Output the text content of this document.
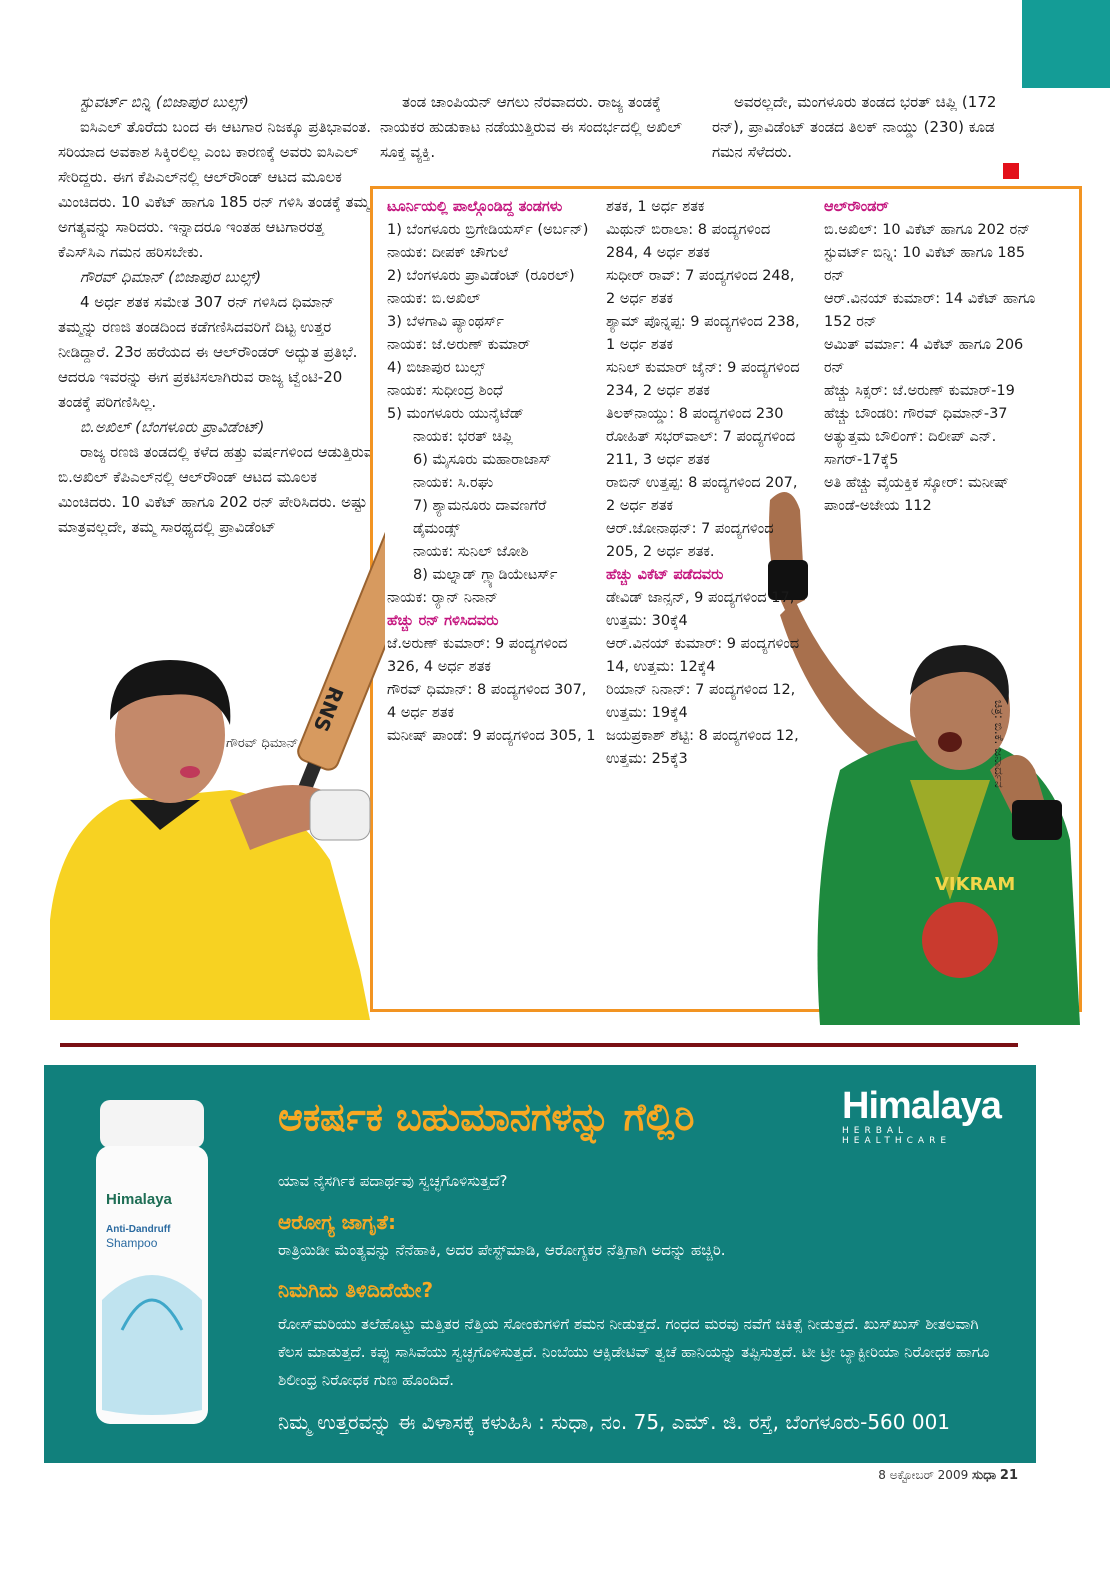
ಸ್ಟುವರ್ಟ್ ಬಿನ್ನಿ (ಬಿಜಾಪುರ ಬುಲ್ಸ್)

ಐಸಿಎಲ್ ತೊರೆದು ಬಂದ ಈ ಆಟಗಾರ ನಿಜಕ್ಕೂ ಪ್ರತಿಭಾವಂತ. ಸರಿಯಾದ ಅವಕಾಶ ಸಿಕ್ಕಿರಲಿಲ್ಲ ಎಂಬ ಕಾರಣಕ್ಕೆ ಅವರು ಐಸಿಎಲ್ ಸೇರಿದ್ದರು. ಈಗ ಕೆಪಿಎಲ್‌ನಲ್ಲಿ ಆಲ್‌ರೌಂಡ್ ಆಟದ ಮೂಲಕ ಮಿಂಚಿದರು. 10 ವಿಕೆಟ್ ಹಾಗೂ 185 ರನ್ ಗಳಿಸಿ ತಂಡಕ್ಕೆ ತಮ್ಮ ಅಗತ್ಯವನ್ನು ಸಾರಿದರು. ಇನ್ನಾದರೂ ಇಂತಹ ಆಟಗಾರರತ್ತ ಕೆಎಸ್‌ಸಿಎ ಗಮನ ಹರಿಸಬೇಕು.

ಗೌರವ್ ಧಿಮಾನ್ (ಬಿಜಾಪುರ ಬುಲ್ಸ್)

4 ಅರ್ಧ ಶತಕ ಸಮೇತ 307 ರನ್ ಗಳಿಸಿದ ಧಿಮಾನ್ ತಮ್ಮನ್ನು ರಣಜಿ ತಂಡದಿಂದ ಕಡೆಗಣಿಸಿದವರಿಗೆ ದಿಟ್ಟ ಉತ್ತರ ನೀಡಿದ್ದಾರೆ. 23ರ ಹರೆಯದ ಈ ಆಲ್‌ರೌಂಡರ್ ಅದ್ಭುತ ಪ್ರತಿಭೆ. ಆದರೂ ಇವರನ್ನು ಈಗ ಪ್ರಕಟಿಸಲಾಗಿರುವ ರಾಜ್ಯ ಟ್ವೆಂಟಿ-20 ತಂಡಕ್ಕೆ ಪರಿಗಣಿಸಿಲ್ಲ.

ಬಿ.ಅಖಿಲ್ (ಬೆಂಗಳೂರು ಪ್ರಾವಿಡೆಂಟ್)

ರಾಜ್ಯ ರಣಜಿ ತಂಡದಲ್ಲಿ ಕಳೆದ ಹತ್ತು ವರ್ಷಗಳಿಂದ ಆಡುತ್ತಿರುವ ಬಿ.ಅಖಿಲ್ ಕೆಪಿಎಲ್‌ನಲ್ಲಿ ಆಲ್‌ರೌಂಡ್ ಆಟದ ಮೂಲಕ ಮಿಂಚಿದರು. 10 ವಿಕೆಟ್ ಹಾಗೂ 202 ರನ್ ಪೇರಿಸಿದರು. ಅಷ್ಟು ಮಾತ್ರವಲ್ಲದೇ, ತಮ್ಮ ಸಾರಥ್ಯದಲ್ಲಿ ಪ್ರಾವಿಡೆಂಟ್

ತಂಡ ಚಾಂಪಿಯನ್ ಆಗಲು ನೆರವಾದರು. ರಾಜ್ಯ ತಂಡಕ್ಕೆ ನಾಯಕರ ಹುಡುಕಾಟ ನಡೆಯುತ್ತಿರುವ ಈ ಸಂದರ್ಭದಲ್ಲಿ ಅಖಿಲ್ ಸೂಕ್ತ ವ್ಯಕ್ತಿ.

ಅವರಲ್ಲದೇ, ಮಂಗಳೂರು ತಂಡದ ಭರತ್ ಚಿಪ್ಲಿ (172 ರನ್), ಪ್ರಾವಿಡೆಂಟ್ ತಂಡದ ತಿಲಕ್ ನಾಯ್ಡು (230) ಕೂಡ ಗಮನ ಸೆಳೆದರು.

RNS
ಗೌರವ್ ಧಿಮಾನ್
VIKRAM
ಚಿತ್ರ: ಬಿ.ಕೆ. ಜನಾರ್ದನ

ಟೂರ್ನಿಯಲ್ಲಿ ಪಾಲ್ಗೊಂಡಿದ್ದ ತಂಡಗಳು

1) ಬೆಂಗಳೂರು ಬ್ರಿಗೇಡಿಯರ್ಸ್ (ಅರ್ಬನ್)

ನಾಯಕ: ದೀಪಕ್ ಚೌಗುಲೆ

2) ಬೆಂಗಳೂರು ಪ್ರಾವಿಡೆಂಟ್ (ರೂರಲ್)

ನಾಯಕ: ಬಿ.ಅಖಿಲ್

3) ಬೆಳಗಾವಿ ಪ್ಯಾಂಥರ್ಸ್

ನಾಯಕ: ಜೆ.ಅರುಣ್ ಕುಮಾರ್

4) ಬಿಜಾಪುರ ಬುಲ್ಸ್

ನಾಯಕ: ಸುಧೀಂದ್ರ ಶಿಂಧೆ

5) ಮಂಗಳೂರು ಯುನೈಟೆಡ್

ನಾಯಕ: ಭರತ್ ಚಿಪ್ಲಿ

6) ಮೈಸೂರು ಮಹಾರಾಜಾಸ್

ನಾಯಕ: ಸಿ.ರಘು

7) ಶ್ಯಾಮನೂರು ದಾವಣಗೆರೆ ಡೈಮಂಡ್ಸ್

ನಾಯಕ: ಸುನಿಲ್ ಜೋಶಿ

8) ಮಲ್ನಾಡ್ ಗ್ಲ್ಯಾಡಿಯೇಟರ್ಸ್

ನಾಯಕ: ರ‍್ಯಾನ್ ನಿನಾನ್

ಹೆಚ್ಚು ರನ್ ಗಳಿಸಿದವರು

ಜೆ.ಅರುಣ್ ಕುಮಾರ್: 9 ಪಂದ್ಯಗಳಿಂದ 326, 4 ಅರ್ಧ ಶತಕ

ಗೌರವ್ ಧಿಮಾನ್: 8 ಪಂದ್ಯಗಳಿಂದ 307, 4 ಅರ್ಧ ಶತಕ

ಮನೀಷ್ ಪಾಂಡೆ: 9 ಪಂದ್ಯಗಳಿಂದ 305, 1

ಶತಕ, 1 ಅರ್ಧ ಶತಕ

ಮಿಥುನ್ ಬಿರಾಲಾ: 8 ಪಂದ್ಯಗಳಿಂದ 284, 4 ಅರ್ಧ ಶತಕ

ಸುಧೀರ್ ರಾವ್: 7 ಪಂದ್ಯಗಳಿಂದ 248, 2 ಅರ್ಧ ಶತಕ

ಶ್ಯಾಮ್ ಪೊನ್ನಪ್ಪ: 9 ಪಂದ್ಯಗಳಿಂದ 238, 1 ಅರ್ಧ ಶತಕ

ಸುನಿಲ್ ಕುಮಾರ್ ಜೈನ್: 9 ಪಂದ್ಯಗಳಿಂದ 234, 2 ಅರ್ಧ ಶತಕ

ತಿಲಕ್‌ನಾಯ್ಡು: 8 ಪಂದ್ಯಗಳಿಂದ 230

ರೋಹಿತ್ ಸಭರ್‌ವಾಲ್: 7 ಪಂದ್ಯಗಳಿಂದ 211, 3 ಅರ್ಧ ಶತಕ

ರಾಬಿನ್ ಉತ್ತಪ್ಪ: 8 ಪಂದ್ಯಗಳಿಂದ 207, 2 ಅರ್ಧ ಶತಕ

ಆರ್.ಜೋನಾಥನ್: 7 ಪಂದ್ಯಗಳಿಂದ 205, 2 ಅರ್ಧ ಶತಕ.

ಹೆಚ್ಚು ವಿಕೆಟ್ ಪಡೆದವರು

ಡೇವಿಡ್ ಜಾನ್ಸನ್, 9 ಪಂದ್ಯಗಳಿಂದ 17, ಉತ್ತಮ: 30ಕ್ಕೆ4

ಆರ್.ವಿನಯ್ ಕುಮಾರ್: 9 ಪಂದ್ಯಗಳಿಂದ 14, ಉತ್ತಮ: 12ಕ್ಕೆ4

ರಿಯಾನ್ ನಿನಾನ್: 7 ಪಂದ್ಯಗಳಿಂದ 12, ಉತ್ತಮ: 19ಕ್ಕೆ4

ಜಯಪ್ರಕಾಶ್ ಶೆಟ್ಟಿ: 8 ಪಂದ್ಯಗಳಿಂದ 12, ಉತ್ತಮ: 25ಕ್ಕೆ3

ಆಲ್‌ರೌಂಡರ್

ಬಿ.ಅಖಿಲ್: 10 ವಿಕೆಟ್ ಹಾಗೂ 202 ರನ್

ಸ್ಟುವರ್ಟ್ ಬಿನ್ನಿ: 10 ವಿಕೆಟ್ ಹಾಗೂ 185 ರನ್

ಆರ್.ವಿನಯ್ ಕುಮಾರ್: 14 ವಿಕೆಟ್ ಹಾಗೂ 152 ರನ್

ಅಮಿತ್ ವರ್ಮಾ: 4 ವಿಕೆಟ್ ಹಾಗೂ 206 ರನ್

ಹೆಚ್ಚು ಸಿಕ್ಸರ್: ಜೆ.ಅರುಣ್ ಕುಮಾರ್-19

ಹೆಚ್ಚು ಬೌಂಡರಿ: ಗೌರವ್ ಧಿಮಾನ್-37

ಅತ್ಯುತ್ತಮ ಬೌಲಿಂಗ್: ದಿಲೀಪ್ ಎನ್. ಸಾಗರ್-17ಕ್ಕೆ5

ಅತಿ ಹೆಚ್ಚು ವೈಯಕ್ತಿಕ ಸ್ಕೋರ್: ಮನೀಷ್ ಪಾಂಡೆ-ಅಜೇಯ 112

Himalaya
Anti-Dandruff
Shampoo
ಆಕರ್ಷಕ ಬಹುಮಾನಗಳನ್ನು ಗೆಲ್ಲಿರಿ	Himalaya
HERBAL HEALTHCARE
ಯಾವ ನೈಸರ್ಗಿಕ ಪದಾರ್ಥವು ಸ್ವಚ್ಛಗೊಳಿಸುತ್ತದೆ?
ಆರೋಗ್ಯ ಜಾಗೃತೆ:
ರಾತ್ರಿಯಿಡೀ ಮೆಂತ್ಯವನ್ನು ನೆನೆಹಾಕಿ, ಅದರ ಪೇಸ್ಟ್‌ಮಾಡಿ, ಆರೋಗ್ಯಕರ ನೆತ್ತಿಗಾಗಿ ಅದನ್ನು ಹಚ್ಚಿರಿ.
ನಿಮಗಿದು ತಿಳಿದಿದೆಯೇ?
ರೋಸ್‌ಮರಿಯು ತಲೆಹೊಟ್ಟು ಮತ್ತಿತರ ನೆತ್ತಿಯ ಸೋಂಕುಗಳಿಗೆ ಶಮನ ನೀಡುತ್ತದೆ. ಗಂಧದ ಮರವು ನವೆಗೆ ಚಿಕಿತ್ಸೆ ನೀಡುತ್ತದೆ. ಖುಸ್‌ಖುಸ್ ಶೀತಲವಾಗಿ ಕೆಲಸ ಮಾಡುತ್ತದೆ. ಕಪ್ಪು ಸಾಸಿವೆಯು ಸ್ವಚ್ಛಗೊಳಿಸುತ್ತದೆ. ನಿಂಬೆಯು ಆಕ್ಸಿಡೇಟಿವ್ ತ್ವಚೆ ಹಾನಿಯನ್ನು ತಪ್ಪಿಸುತ್ತದೆ. ಟೀ ಟ್ರೀ ಬ್ಯಾಕ್ಟೀರಿಯಾ ನಿರೋಧಕ ಹಾಗೂ ಶಿಲೀಂಧ್ರ ನಿರೋಧಕ ಗುಣ ಹೊಂದಿದೆ.
ನಿಮ್ಮ ಉತ್ತರವನ್ನು ಈ ವಿಳಾಸಕ್ಕೆ ಕಳುಹಿಸಿ : ಸುಧಾ, ನಂ. 75, ಎಮ್. ಜಿ. ರಸ್ತೆ, ಬೆಂಗಳೂರು-560 001
8 ಅಕ್ಟೋಬರ್ 2009 ಸುಧಾ 21
